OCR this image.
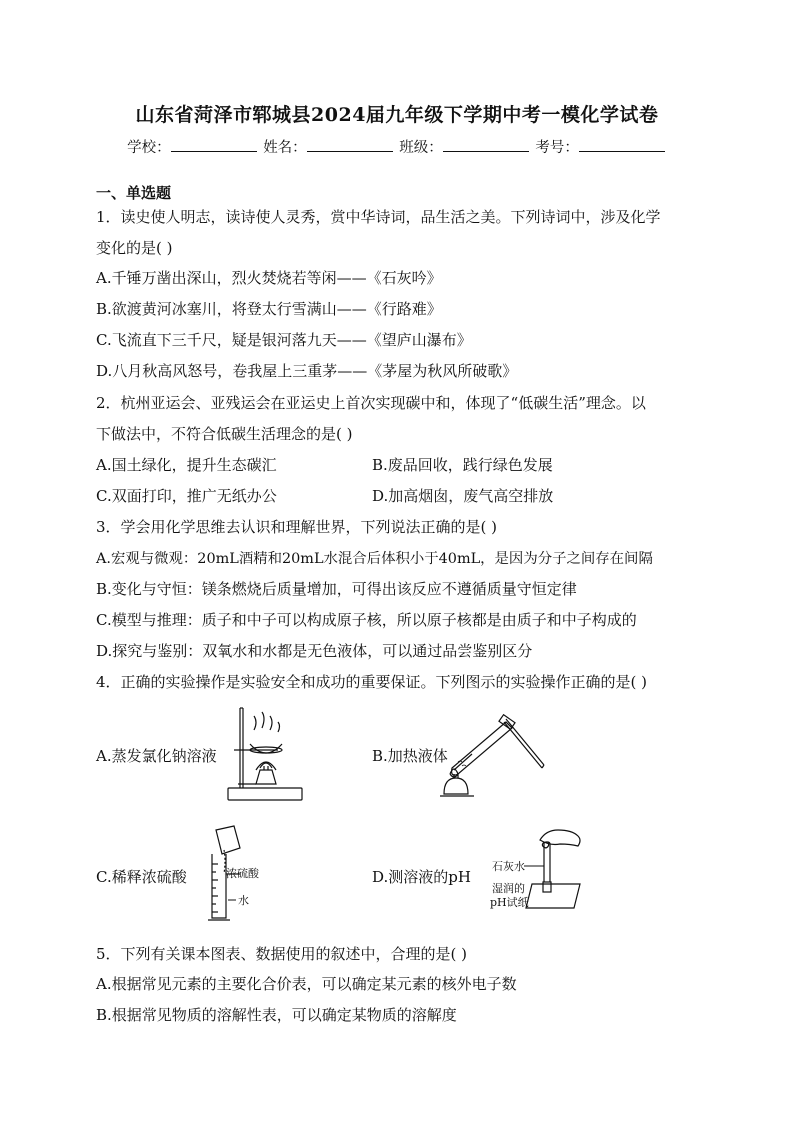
山东省菏泽市郓城县2024届九年级下学期中考一模化学试卷
学校：	姓名：	班级：	考号：
一、单选题
1．读史使人明志，读诗使人灵秀，赏中华诗词，品生活之美。下列诗词中，涉及化学
变化的是( )
A.千锤万凿出深山，烈火焚烧若等闲——《石灰吟》
B.欲渡黄河冰塞川，将登太行雪满山——《行路难》
C.飞流直下三千尺，疑是银河落九天——《望庐山瀑布》
D.八月秋高风怒号，卷我屋上三重茅——《茅屋为秋风所破歌》
2．杭州亚运会、亚残运会在亚运史上首次实现碳中和，体现了“低碳生活”理念。以
下做法中，不符合低碳生活理念的是( )
A.国土绿化，提升生态碳汇	B.废品回收，践行绿色发展
C.双面打印，推广无纸办公	D.加高烟囱，废气高空排放
3．学会用化学思维去认识和理解世界，下列说法正确的是( )
A.宏观与微观：20mL酒精和20mL水混合后体积小于40mL，是因为分子之间存在间隔
B.变化与守恒：镁条燃烧后质量增加，可得出该反应不遵循质量守恒定律
C.模型与推理：质子和中子可以构成原子核，所以原子核都是由质子和中子构成的
D.探究与鉴别：双氧水和水都是无色液体，可以通过品尝鉴别区分
4．正确的实验操作是实验安全和成功的重要保证。下列图示的实验操作正确的是( )
A.蒸发氯化钠溶液	B.加热液体
C.稀释浓硫酸	D.测溶液的pH
浓硫酸
水
石灰水
湿润的
pH试纸
5．下列有关课本图表、数据使用的叙述中，合理的是( )
A.根据常见元素的主要化合价表，可以确定某元素的核外电子数
B.根据常见物质的溶解性表，可以确定某物质的溶解度
